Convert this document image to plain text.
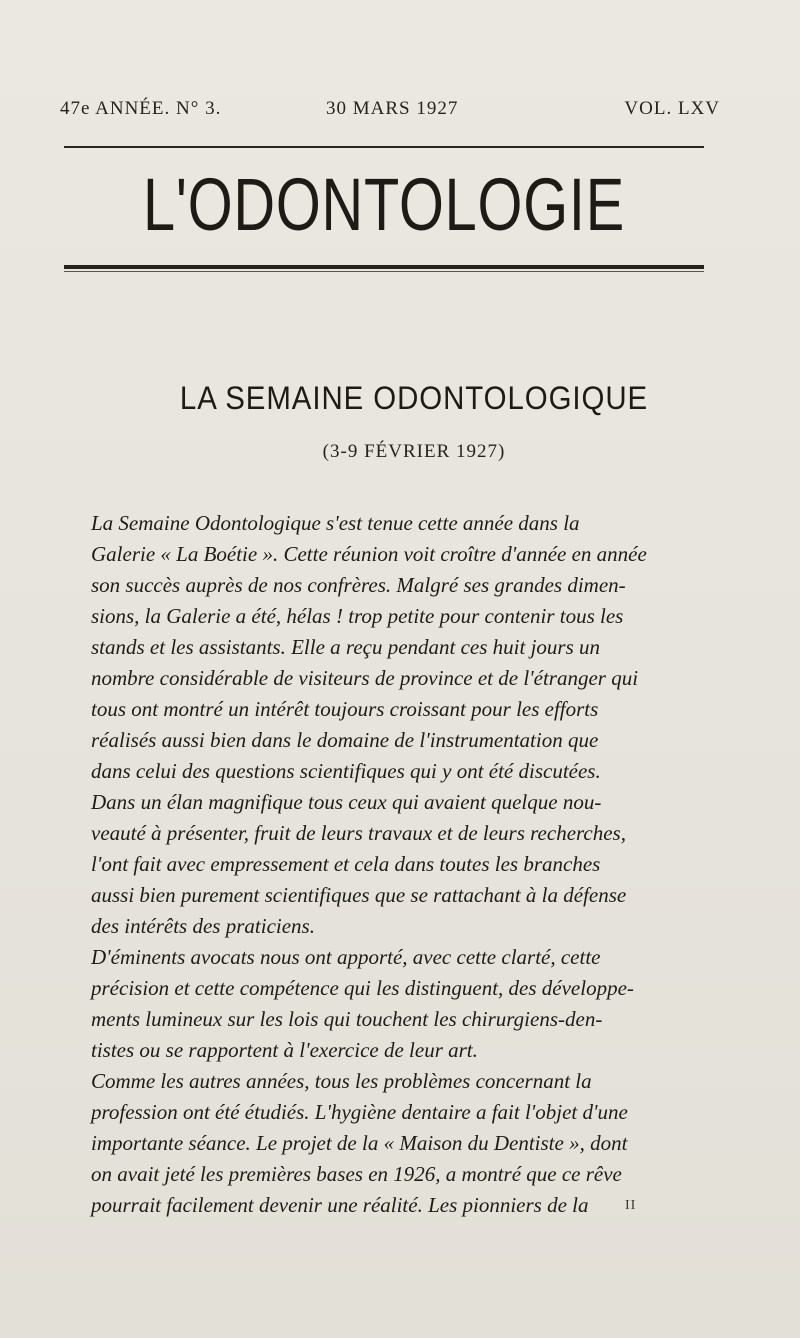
47e ANNÉE. N° 3.	30 MARS 1927	VOL. LXV
L'ODONTOLOGIE
LA SEMAINE ODONTOLOGIQUE
(3-9 FÉVRIER 1927)
La Semaine Odontologique s'est tenue cette année dans la
Galerie « La Boétie ». Cette réunion voit croître d'année en année
son succès auprès de nos confrères. Malgré ses grandes dimen-
sions, la Galerie a été, hélas ! trop petite pour contenir tous les
stands et les assistants. Elle a reçu pendant ces huit jours un
nombre considérable de visiteurs de province et de l'étranger qui
tous ont montré un intérêt toujours croissant pour les efforts
réalisés aussi bien dans le domaine de l'instrumentation que
dans celui des questions scientifiques qui y ont été discutées.
Dans un élan magnifique tous ceux qui avaient quelque nou-
veauté à présenter, fruit de leurs travaux et de leurs recherches,
l'ont fait avec empressement et cela dans toutes les branches
aussi bien purement scientifiques que se rattachant à la défense
des intérêts des praticiens.
D'éminents avocats nous ont apporté, avec cette clarté, cette
précision et cette compétence qui les distinguent, des développe-
ments lumineux sur les lois qui touchent les chirurgiens-den-
tistes ou se rapportent à l'exercice de leur art.
Comme les autres années, tous les problèmes concernant la
profession ont été étudiés. L'hygiène dentaire a fait l'objet d'une
importante séance. Le projet de la « Maison du Dentiste », dont
on avait jeté les premières bases en 1926, a montré que ce rêve
pourrait facilement devenir une réalité. Les pionniers de la	II
